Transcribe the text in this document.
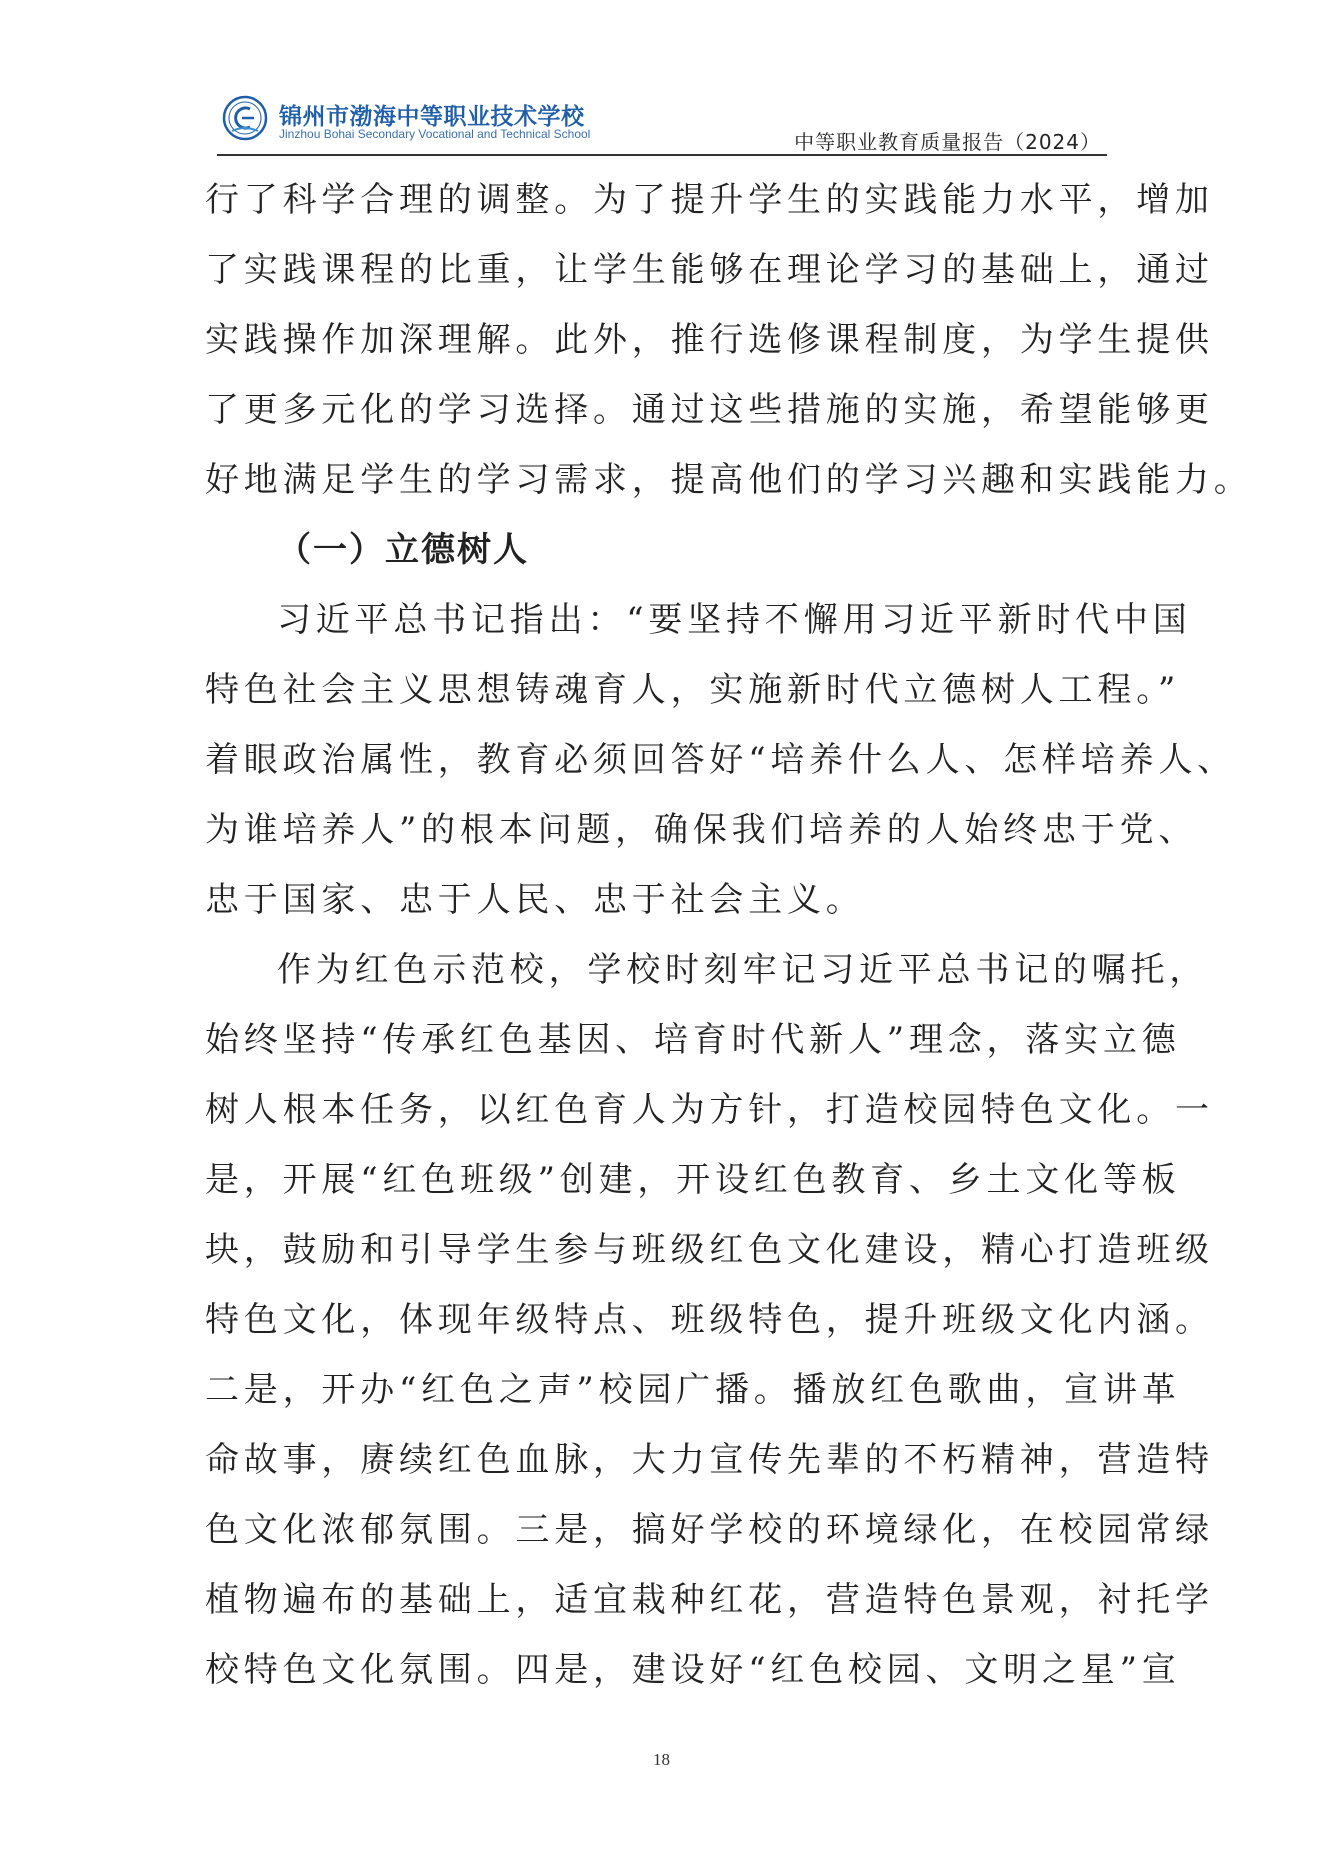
锦州市渤海中等职业技术学校
Jinzhou Bohai Secondary Vocational and Technical School	中等职业教育质量报告（2024）
行了科学合理的调整。为了提升学生的实践能力水平，增加
了实践课程的比重，让学生能够在理论学习的基础上，通过
实践操作加深理解。此外，推行选修课程制度，为学生提供
了更多元化的学习选择。通过这些措施的实施，希望能够更
好地满足学生的学习需求，提高他们的学习兴趣和实践能力。
（一）立德树人
习近平总书记指出：“要坚持不懈用习近平新时代中国
特色社会主义思想铸魂育人，实施新时代立德树人工程。”
着眼政治属性，教育必须回答好“培养什么人、怎样培养人、
为谁培养人”的根本问题，确保我们培养的人始终忠于党、
忠于国家、忠于人民、忠于社会主义。
作为红色示范校，学校时刻牢记习近平总书记的嘱托，
始终坚持“传承红色基因、培育时代新人”理念，落实立德
树人根本任务，以红色育人为方针，打造校园特色文化。一
是，开展“红色班级”创建，开设红色教育、乡土文化等板
块，鼓励和引导学生参与班级红色文化建设，精心打造班级
特色文化，体现年级特点、班级特色，提升班级文化内涵。
二是，开办“红色之声”校园广播。播放红色歌曲，宣讲革
命故事，赓续红色血脉，大力宣传先辈的不朽精神，营造特
色文化浓郁氛围。三是，搞好学校的环境绿化，在校园常绿
植物遍布的基础上，适宜栽种红花，营造特色景观，衬托学
校特色文化氛围。四是，建设好“红色校园、文明之星”宣
18
